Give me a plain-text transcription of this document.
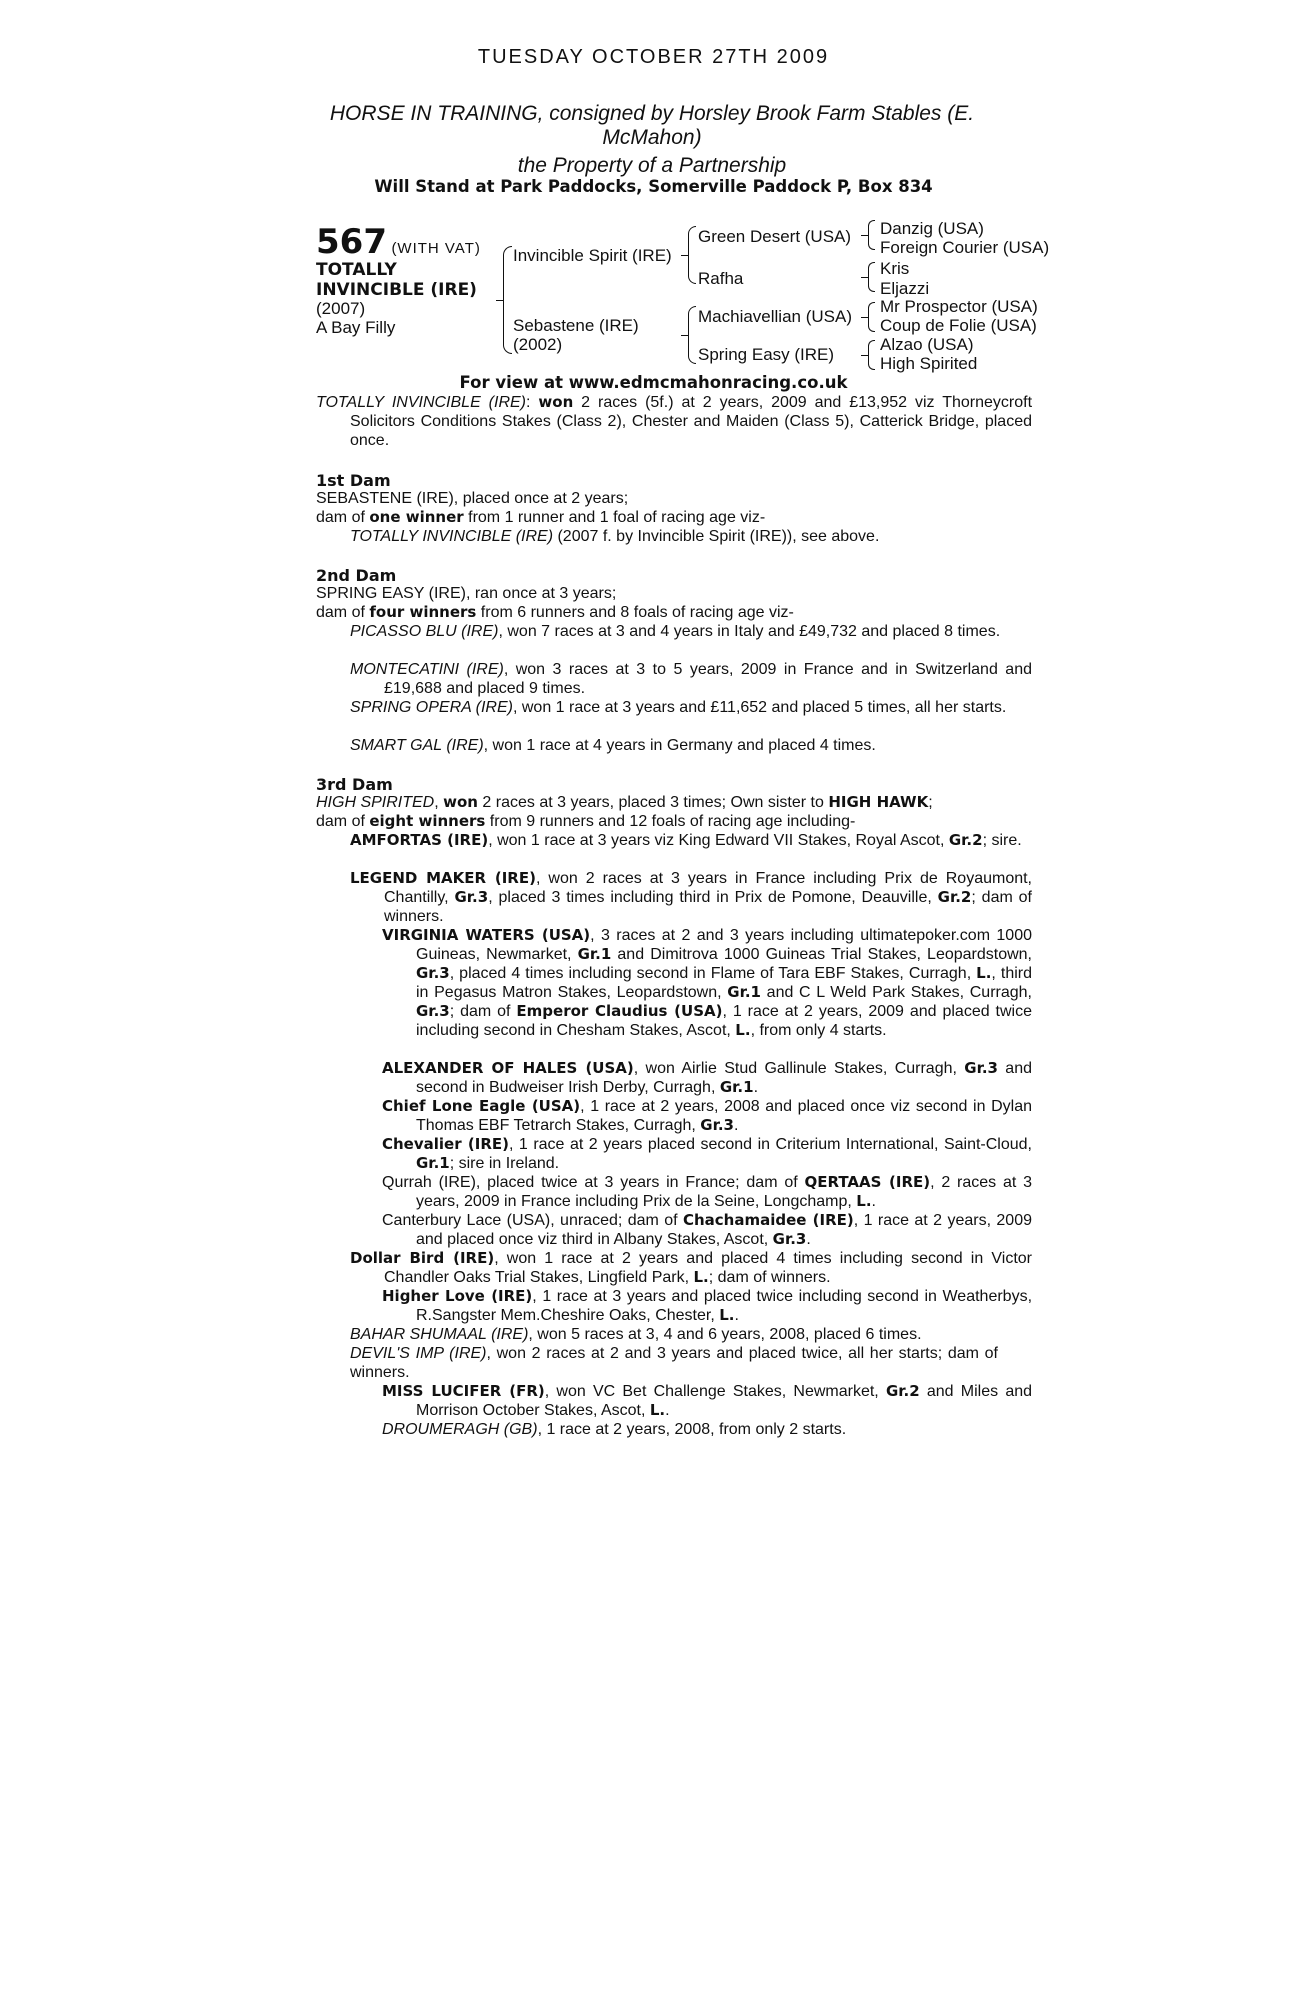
TUESDAY OCTOBER 27TH 2009
HORSE IN TRAINING, consigned by Horsley Brook Farm Stables (E.
McMahon)
the Property of a Partnership
Will Stand at Park Paddocks, Somerville Paddock P, Box 834
567 (WITH VAT)
TOTALLY
INVINCIBLE (IRE)
(2007)
A Bay Filly
Invincible Spirit (IRE)
Sebastene (IRE)
(2002)
Green Desert (USA)
Rafha
Machiavellian (USA)
Spring Easy (IRE)
Danzig (USA)
Foreign Courier (USA)
Kris
Eljazzi
Mr Prospector (USA)
Coup de Folie (USA)
Alzao (USA)
High Spirited
For view at www.edmcmahonracing.co.uk
TOTALLY INVINCIBLE (IRE): won 2 races (5f.) at 2 years, 2009 and £13,952 viz Thorneycroft Solicitors Conditions Stakes (Class 2), Chester and Maiden (Class 5), Catterick Bridge, placed once.
1st Dam
SEBASTENE (IRE), placed once at 2 years;
dam of one winner from 1 runner and 1 foal of racing age viz-
TOTALLY INVINCIBLE (IRE) (2007 f. by Invincible Spirit (IRE)), see above.
2nd Dam
SPRING EASY (IRE), ran once at 3 years;
dam of four winners from 6 runners and 8 foals of racing age viz-
PICASSO BLU (IRE), won 7 races at 3 and 4 years in Italy and £49,732 and placed 8 times.
MONTECATINI (IRE), won 3 races at 3 to 5 years, 2009 in France and in Switzerland and £19,688 and placed 9 times.
SPRING OPERA (IRE), won 1 race at 3 years and £11,652 and placed 5 times, all her starts.
SMART GAL (IRE), won 1 race at 4 years in Germany and placed 4 times.
3rd Dam
HIGH SPIRITED, won 2 races at 3 years, placed 3 times; Own sister to HIGH HAWK;
dam of eight winners from 9 runners and 12 foals of racing age including-
AMFORTAS (IRE), won 1 race at 3 years viz King Edward VII Stakes, Royal Ascot, Gr.2; sire.
LEGEND MAKER (IRE), won 2 races at 3 years in France including Prix de Royaumont, Chantilly, Gr.3, placed 3 times including third in Prix de Pomone, Deauville, Gr.2; dam of winners.
VIRGINIA WATERS (USA), 3 races at 2 and 3 years including ultimatepoker.com 1000 Guineas, Newmarket, Gr.1 and Dimitrova 1000 Guineas Trial Stakes, Leopardstown, Gr.3, placed 4 times including second in Flame of Tara EBF Stakes, Curragh, L., third in Pegasus Matron Stakes, Leopardstown, Gr.1 and C L Weld Park Stakes, Curragh, Gr.3; dam of Emperor Claudius (USA), 1 race at 2 years, 2009 and placed twice including second in Chesham Stakes, Ascot, L., from only 4 starts.
ALEXANDER OF HALES (USA), won Airlie Stud Gallinule Stakes, Curragh, Gr.3 and second in Budweiser Irish Derby, Curragh, Gr.1.
Chief Lone Eagle (USA), 1 race at 2 years, 2008 and placed once viz second in Dylan Thomas EBF Tetrarch Stakes, Curragh, Gr.3.
Chevalier (IRE), 1 race at 2 years placed second in Criterium International, Saint-Cloud, Gr.1; sire in Ireland.
Qurrah (IRE), placed twice at 3 years in France; dam of QERTAAS (IRE), 2 races at 3 years, 2009 in France including Prix de la Seine, Longchamp, L..
Canterbury Lace (USA), unraced; dam of Chachamaidee (IRE), 1 race at 2 years, 2009 and placed once viz third in Albany Stakes, Ascot, Gr.3.
Dollar Bird (IRE), won 1 race at 2 years and placed 4 times including second in Victor Chandler Oaks Trial Stakes, Lingfield Park, L.; dam of winners.
Higher Love (IRE), 1 race at 3 years and placed twice including second in Weatherbys, R.Sangster Mem.Cheshire Oaks, Chester, L..
BAHAR SHUMAAL (IRE), won 5 races at 3, 4 and 6 years, 2008, placed 6 times.
DEVIL'S IMP (IRE), won 2 races at 2 and 3 years and placed twice, all her starts; dam of winners.
MISS LUCIFER (FR), won VC Bet Challenge Stakes, Newmarket, Gr.2 and Miles and Morrison October Stakes, Ascot, L..
DROUMERAGH (GB), 1 race at 2 years, 2008, from only 2 starts.
